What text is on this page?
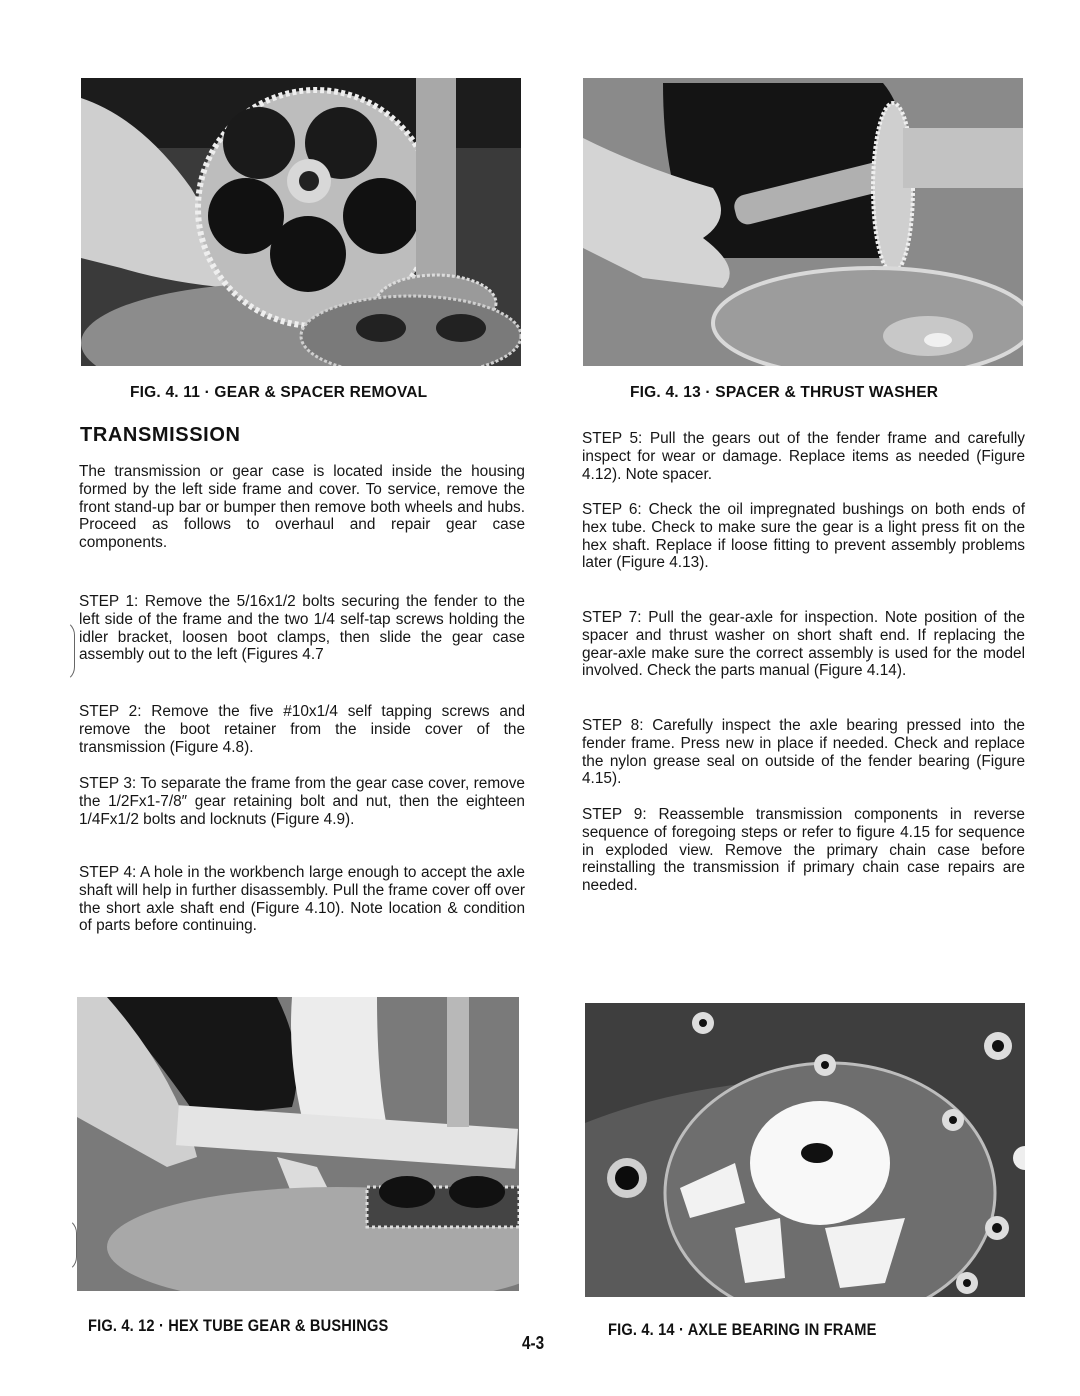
FIG. 4. 11 · GEAR & SPACER REMOVAL	FIG. 4. 13 · SPACER & THRUST WASHER
TRANSMISSION
The transmission or gear case is located inside the housing formed by the left side frame and cover. To service, remove the front stand-up bar or bumper then remove both wheels and hubs. Proceed as follows to overhaul and repair gear case components.
STEP 1: Remove the 5/16x1/2 bolts securing the fender to the left side of the frame and the two 1/4 self-tap screws holding the idler bracket, loosen boot clamps, then slide the gear case assembly out to the left (Figures 4.7
STEP 2: Remove the five #10x1/4 self tapping screws and remove the boot retainer from the inside cover of the transmission (Figure 4.8).
STEP 3: To separate the frame from the gear case cover, remove the 1/2Fx1-7/8″ gear retaining bolt and nut, then the eighteen 1/4Fx1/2 bolts and locknuts (Figure 4.9).
STEP 4: A hole in the workbench large enough to accept the axle shaft will help in further disassembly. Pull the frame cover off over the short axle shaft end (Figure 4.10). Note location & condition of parts before continuing.
STEP 5: Pull the gears out of the fender frame and carefully inspect for wear or damage. Replace items as needed (Figure 4.12). Note spacer.
STEP 6: Check the oil impregnated bushings on both ends of hex tube. Check to make sure the gear is a light press fit on the hex shaft. Replace if loose fitting to prevent assembly problems later (Figure 4.13).
STEP 7: Pull the gear-axle for inspection. Note position of the spacer and thrust washer on short shaft end. If replacing the gear-axle make sure the correct assembly is used for the model involved. Check the parts manual (Figure 4.14).
STEP 8: Carefully inspect the axle bearing pressed into the fender frame. Press new in place if needed. Check and replace the nylon grease seal on outside of the fender bearing (Figure 4.15).
STEP 9: Reassemble transmission components in reverse sequence of foregoing steps or refer to figure 4.15 for sequence in exploded view. Remove the primary chain case before reinstalling the transmission if primary chain case repairs are needed.
FIG. 4. 12 · HEX TUBE GEAR & BUSHINGS
4-3
FIG. 4. 14 · AXLE BEARING IN FRAME
